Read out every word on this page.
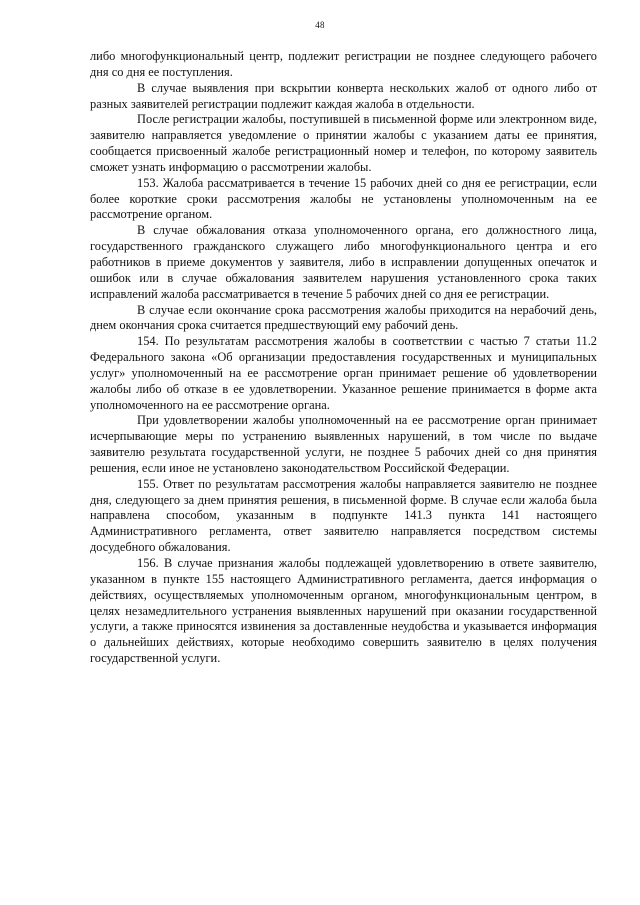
48

либо многофункциональный центр, подлежит регистрации не позднее следующего рабочего дня со дня ее поступления.

В случае выявления при вскрытии конверта нескольких жалоб от одного либо от разных заявителей регистрации подлежит каждая жалоба в отдельности.

После регистрации жалобы, поступившей в письменной форме или электронном виде, заявителю направляется уведомление о принятии жалобы с указанием даты ее принятия, сообщается присвоенный жалобе регистрационный номер и телефон, по которому заявитель сможет узнать информацию о рассмотрении жалобы.

153. Жалоба рассматривается в течение 15 рабочих дней со дня ее регистрации, если более короткие сроки рассмотрения жалобы не установлены уполномоченным на ее рассмотрение органом.

В случае обжалования отказа уполномоченного органа, его должностного лица, государственного гражданского служащего либо многофункционального центра и его работников в приеме документов у заявителя, либо в исправлении допущенных опечаток и ошибок или в случае обжалования заявителем нарушения установленного срока таких исправлений жалоба рассматривается в течение 5 рабочих дней со дня ее регистрации.

В случае если окончание срока рассмотрения жалобы приходится на нерабочий день, днем окончания срока считается предшествующий ему рабочий день.

154. По результатам рассмотрения жалобы в соответствии с частью 7 статьи 11.2 Федерального закона «Об организации предоставления государственных и муниципальных услуг» уполномоченный на ее рассмотрение орган принимает решение об удовлетворении жалобы либо об отказе в ее удовлетворении. Указанное решение принимается в форме акта уполномоченного на ее рассмотрение органа.

При удовлетворении жалобы уполномоченный на ее рассмотрение орган принимает исчерпывающие меры по устранению выявленных нарушений, в том числе по выдаче заявителю результата государственной услуги, не позднее 5 рабочих дней со дня принятия решения, если иное не установлено законодательством Российской Федерации.

155. Ответ по результатам рассмотрения жалобы направляется заявителю не позднее дня, следующего за днем принятия решения, в письменной форме. В случае если жалоба была направлена способом, указанным в подпункте 141.3 пункта 141 настоящего Административного регламента, ответ заявителю направляется посредством системы досудебного обжалования.

156. В случае признания жалобы подлежащей удовлетворению в ответе заявителю, указанном в пункте 155 настоящего Административного регламента, дается информация о действиях, осуществляемых уполномоченным органом, многофункциональным центром, в целях незамедлительного устранения выявленных нарушений при оказании государственной услуги, а также приносятся извинения за доставленные неудобства и указывается информация о дальнейших действиях, которые необходимо совершить заявителю в целях получения государственной услуги.
